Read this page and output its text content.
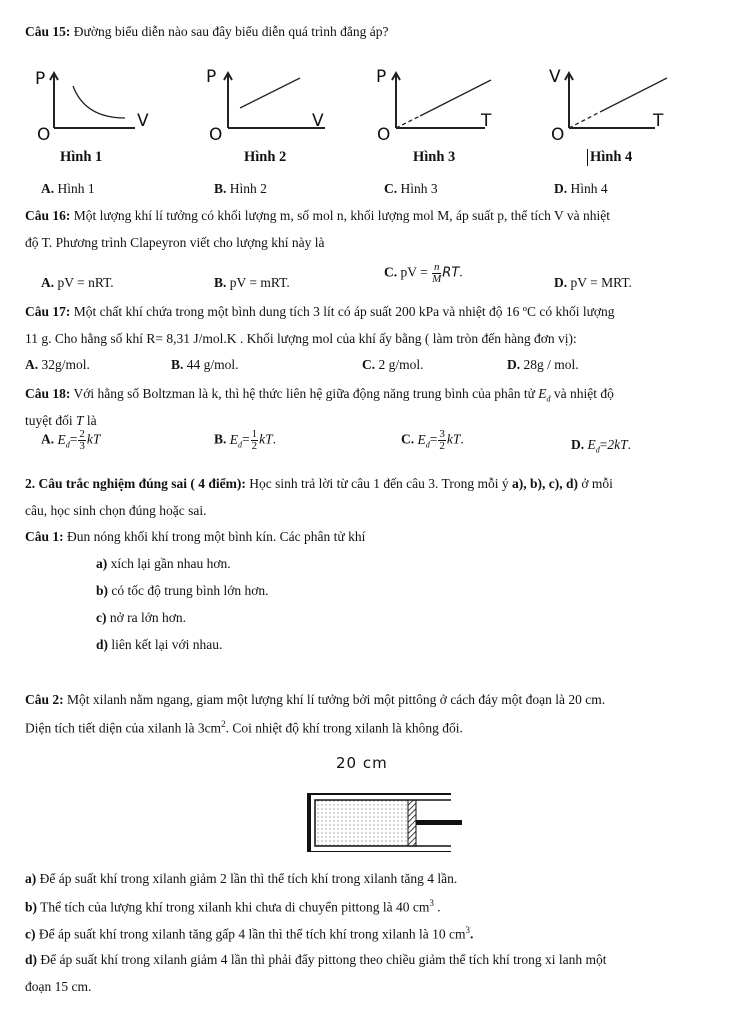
Câu 15: Đường biểu diễn nào sau đây biểu diễn quá trình đẳng áp?
P
V
O
P
V
O
P
T
O
V
T
O
Hình 1	Hình 2	Hình 3	Hình 4
A. Hình 1	B. Hình 2	C. Hình 3	D. Hình 4
Câu 16: Một lượng khí lí tưởng có khối lượng m, số mol n, khối lượng mol M, áp suất p, thể tích V và nhiệt
độ T. Phương trình Clapeyron viết cho lượng khí này là
A. pV = nRT.	B. pV = mRT.
C. pV = $\frac{n}{M}$ RT.
D. pV = MRT.
Câu 17: Một chất khí chứa trong một bình dung tích 3 lít có áp suất 200 kPa và nhiệt độ 16 ºC có khối lượng
11 g. Cho hằng số khí R= 8,31 J/mol.K . Khối lượng mol của khí ấy bằng ( làm tròn đến hàng đơn vị):
A. 32g/mol.	B. 44 g/mol.	C. 2 g/mol.	D. 28g / mol.
Câu 18: Với hằng số Boltzman là k, thì hệ thức liên hệ giữa động năng trung bình của phân tử $E_đ$ và nhiệt độ
tuyệt đối T là
A. $E_đ= \frac{2}{3}$ kT	B. $E_đ= \frac{1}{2}$ kT.	C. $E_đ= \frac{3}{2}$ kT.	D. $E_đ=2kT$.
2. Câu trắc nghiệm đúng sai ( 4 điểm): Học sinh trả lời từ câu 1 đến câu 3. Trong mỗi ý a), b), c), d) ở mỗi
câu, học sinh chọn đúng hoặc sai.
Câu 1: Đun nóng khối khí trong một bình kín. Các phân tử khí
a) xích lại gần nhau hơn.
b) có tốc độ trung bình lớn hơn.
c) nở ra lớn hơn.
d) liên kết lại với nhau.
Câu 2: Một xilanh nằm ngang, giam một lượng khí lí tưởng bởi một pittông ở cách đáy một đoạn là 20 cm.
Diện tích tiết diện của xilanh là $3cm^2$. Coi nhiệt độ khí trong xilanh là không đổi.
20 cm
a) Để áp suất khí trong xilanh giảm 2 lần thì thể tích khí trong xilanh tăng 4 lần.
b) Thể tích của lượng khí trong xilanh khi chưa di chuyển pittong là 40 $cm^3$ .
c) Để áp suất khí trong xilanh tăng gấp 4 lần thì thể tích khí trong xilanh là 10 $cm^3$.
d) Để áp suất khí trong xilanh giảm 4 lần thì phải đẩy pittong theo chiều giảm thể tích khí trong xi lanh một
đoạn 15 cm.
